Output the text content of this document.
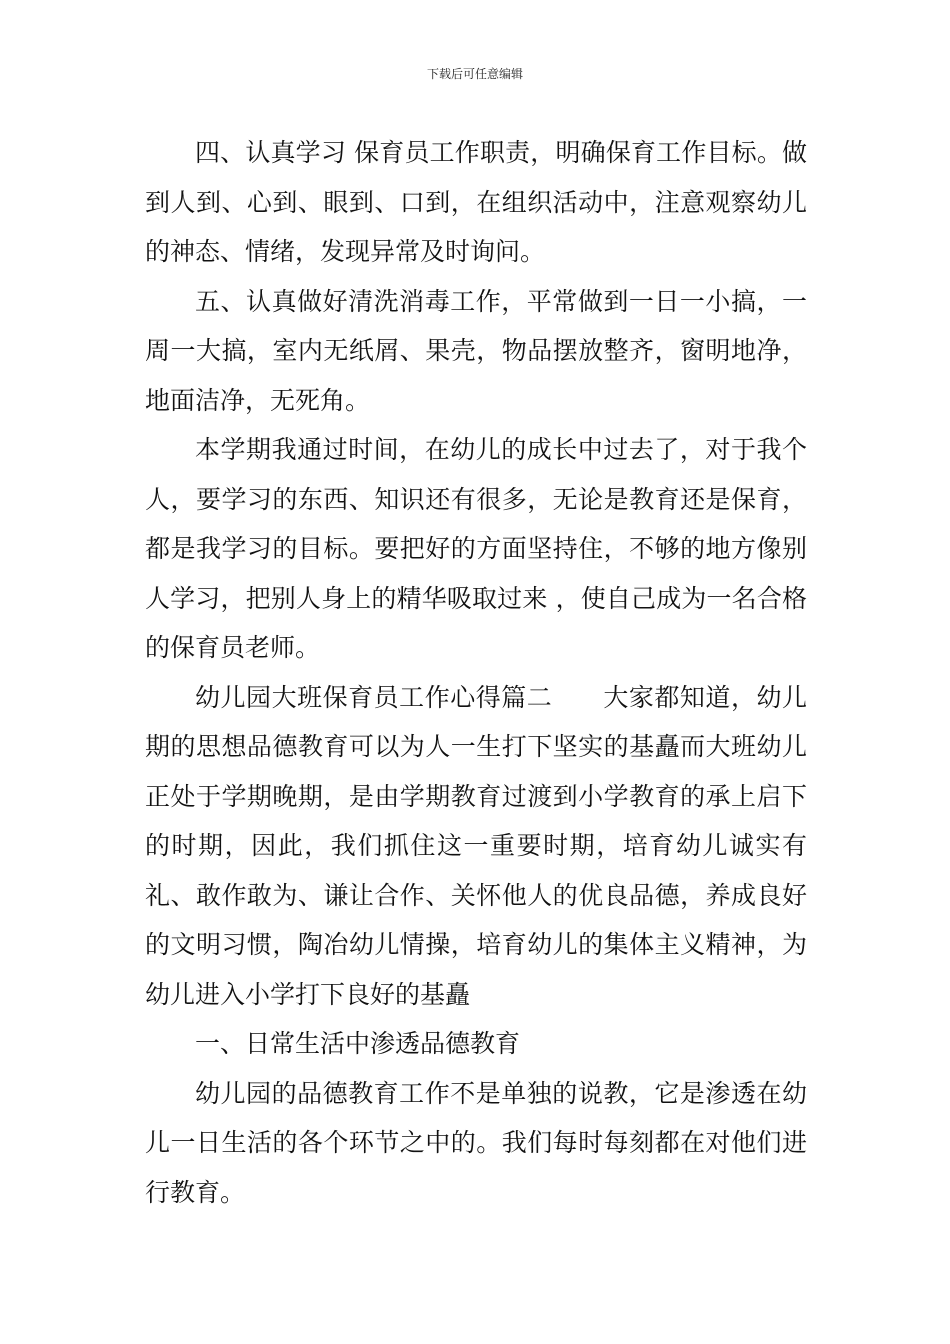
下载后可任意编辑

四、认真学习 保育员工作职责，明确保育工作目标。做到人到、心到、眼到、口到，在组织活动中，注意观察幼儿的神态、情绪，发现异常及时询问。

五、认真做好清洗消毒工作，平常做到一日一小搞，一周一大搞，室内无纸屑、果壳，物品摆放整齐，窗明地净，地面洁净，无死角。

本学期我通过时间，在幼儿的成长中过去了，对于我个人，要学习的东西、知识还有很多，无论是教育还是保育，都是我学习的目标。要把好的方面坚持住，不够的地方像别人学习，把别人身上的精华吸取过来 ，使自己成为一名合格的保育员老师。

幼儿园大班保育员工作心得篇二　　大家都知道，幼儿期的思想品德教育可以为人一生打下坚实的基矗而大班幼儿正处于学期晚期，是由学期教育过渡到小学教育的承上启下的时期，因此，我们抓住这一重要时期，培育幼儿诚实有礼、敢作敢为、谦让合作、关怀他人的优良品德，养成良好的文明习惯，陶冶幼儿情操，培育幼儿的集体主义精神，为幼儿进入小学打下良好的基矗

一、日常生活中渗透品德教育

幼儿园的品德教育工作不是单独的说教，它是渗透在幼儿一日生活的各个环节之中的。我们每时每刻都在对他们进行教育。
